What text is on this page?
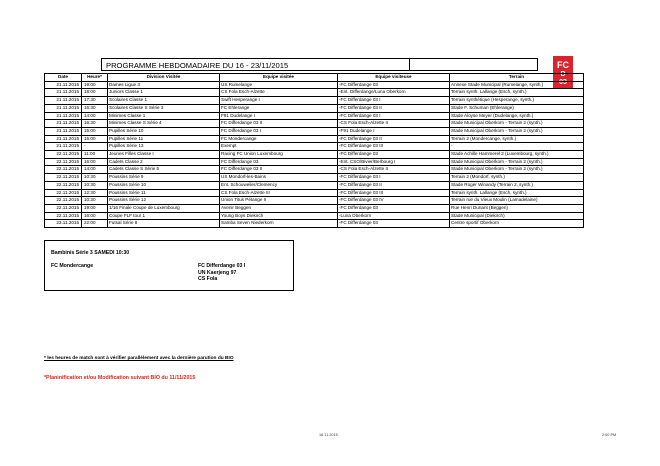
PROGRAMME HEBDOMADAIRE DU 16 - 23/11/2015	FC
D
03
Date	Heure*	Division Visitée	Equipe visitée	Equipe visiteuse	Terrain
21.11.2015	19:00	Dames Ligue 3	US Rumelange	-FC Differdange 03	Annexe Stade Municipal (Rumelange, synth.)
21.11.2015	18:00	Juniors Classe 1	CS Fola Esch-Alzette	-Ent. Differdange/Luna Oberkorn	Terrain synth. Lallange (Esch, synth.)
21.11.2015	17:30	Scolaires Classe 1	Swift Hesperange I	-FC Differdange 03 I	Terrain synthétique (Hesperange, synth.)
21.11.2015	16:30	Scolaires Classe S Série 3	FC Ehlerange	-FC Differdange 03 II	Stade F. Schuman (Ehlerange)
21.11.2015	14:00	Minimes Classe 1	F91 Dudelange I	-FC Differdange 03 I	Stade Aloyse Meyer (Dudelange, synth.)
21.11.2015	16:30	Minimes Classe S Série 4	FC Differdange 03 II	-CS Fola Esch-Alzette II	Stade Municipal Oberkorn - Terrain 2 (synth.)
21.11.2015	15:00	Pupilles Série 10	FC Differdange 03 I	-F91 Dudelange I	Stade Municipal Oberkorn - Terrain 2 (synth.)
21.11.2015	15:00	Pupilles Série 11	FC Mondercange	-FC Differdange 03 II	Terrain 2 (Mondercange, synth.)
21.11.2015	-	Pupilles Série 13	Exempt	-FC Differdange 03 III	-
22.11.2015	11:00	Jeunes Filles Classe I	Racing FC Union Luxembourg	-FC Differdange 03	Stade Achille Hammerel 2 (Luxembourg, synth.)
22.11.2015	16:00	Cadets Classe 2	FC Differdange 03	-Ent. CSO/Bivier/Berbourg I	Stade Municipal Oberkorn - Terrain 2 (synth.)
22.11.2015	14:00	Cadets Classe S Série 5	FC Differdange 03 II	-CS Fola Esch-Alzette II	Stade Municipal Oberkorn - Terrain 2 (synth.)
22.11.2015	10:30	Poussins Série 9	US Mondorf-les-Bains	-FC Differdange 03 I	Terrain 2 (Mondorf, synth.)
22.11.2015	10:30	Poussins Série 10	Ent. Schouweiler/Clemency	-FC Differdange 03 II	Stade Roger Winandy (Terrain 2, synth.)
22.11.2015	12:30	Poussins Série 11	CS Fola Esch-Alzette III	-FC Differdange 03 III	Terrain synth. Lallange (Esch, synth.)
22.11.2015	10:30	Poussins Série 12	Union Titus Pétange II	-FC Differdange 03 IV	Terrain rue du Vieux Moulin (Lamadelaine)
22.11.2015	19:00	1/16 Finale Coupe de Luxembourg	Avenir Beggen	-FC Differdange 03	Rue Henri Dunant (Beggen)
22.11.2015	16:00	Coupe FLF tour 1	Young Boys Diekirch	-Luna Oberkorn	Stade Municipal (Diekirch)
23.11.2015	22:00	Futsal Série 8	Samba Seven Niederkorn	-FC Differdange 03	Centre sportif Oberkorn
Bambinis Série 3 SAMEDI 10:30
FC Mondercange	FC Differdange 03 I
UN Kaerjeng 97
CS Fola
* les heures de match sont à vérifier parallèlement avec la dernière parution du BIO
*Planinification et/ou Modification suivant BIO du 11/11/2015
16.11.2015	2:00 PM
